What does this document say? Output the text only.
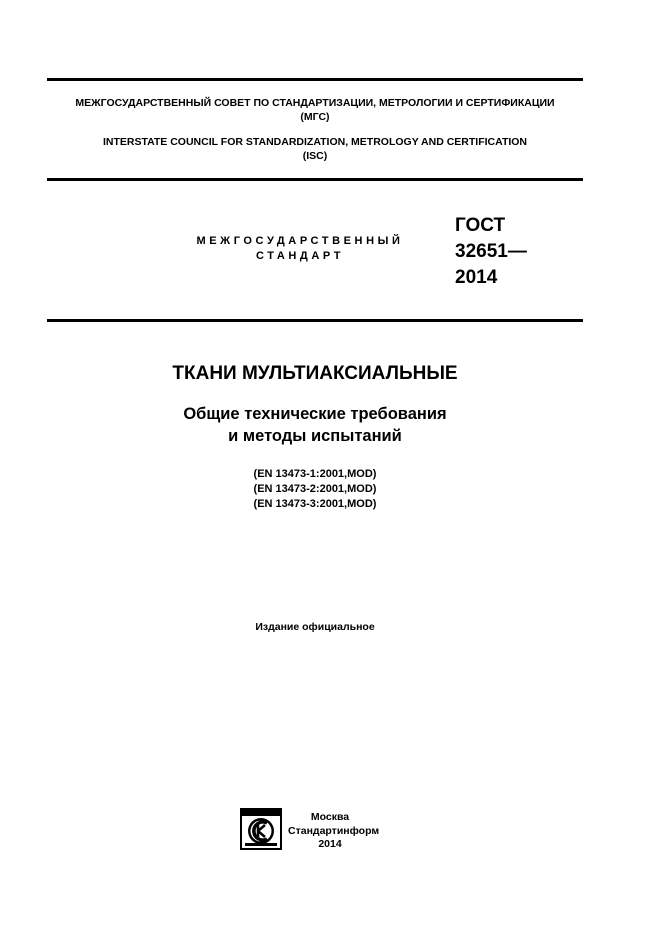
МЕЖГОСУДАРСТВЕННЫЙ СОВЕТ ПО СТАНДАРТИЗАЦИИ, МЕТРОЛОГИИ И СЕРТИФИКАЦИИ
(МГС)
INTERSTATE COUNCIL FOR STANDARDIZATION, METROLOGY AND CERTIFICATION
(ISC)
МЕЖГОСУДАРСТВЕННЫЙ
СТАНДАРТ
ГОСТ
32651—
2014
ТКАНИ МУЛЬТИАКСИАЛЬНЫЕ
Общие технические требования
и методы испытаний
(EN 13473-1:2001,MOD)
(EN 13473-2:2001,MOD)
(EN 13473-3:2001,MOD)
Издание официальное
Москва
Стандартинформ
2014
